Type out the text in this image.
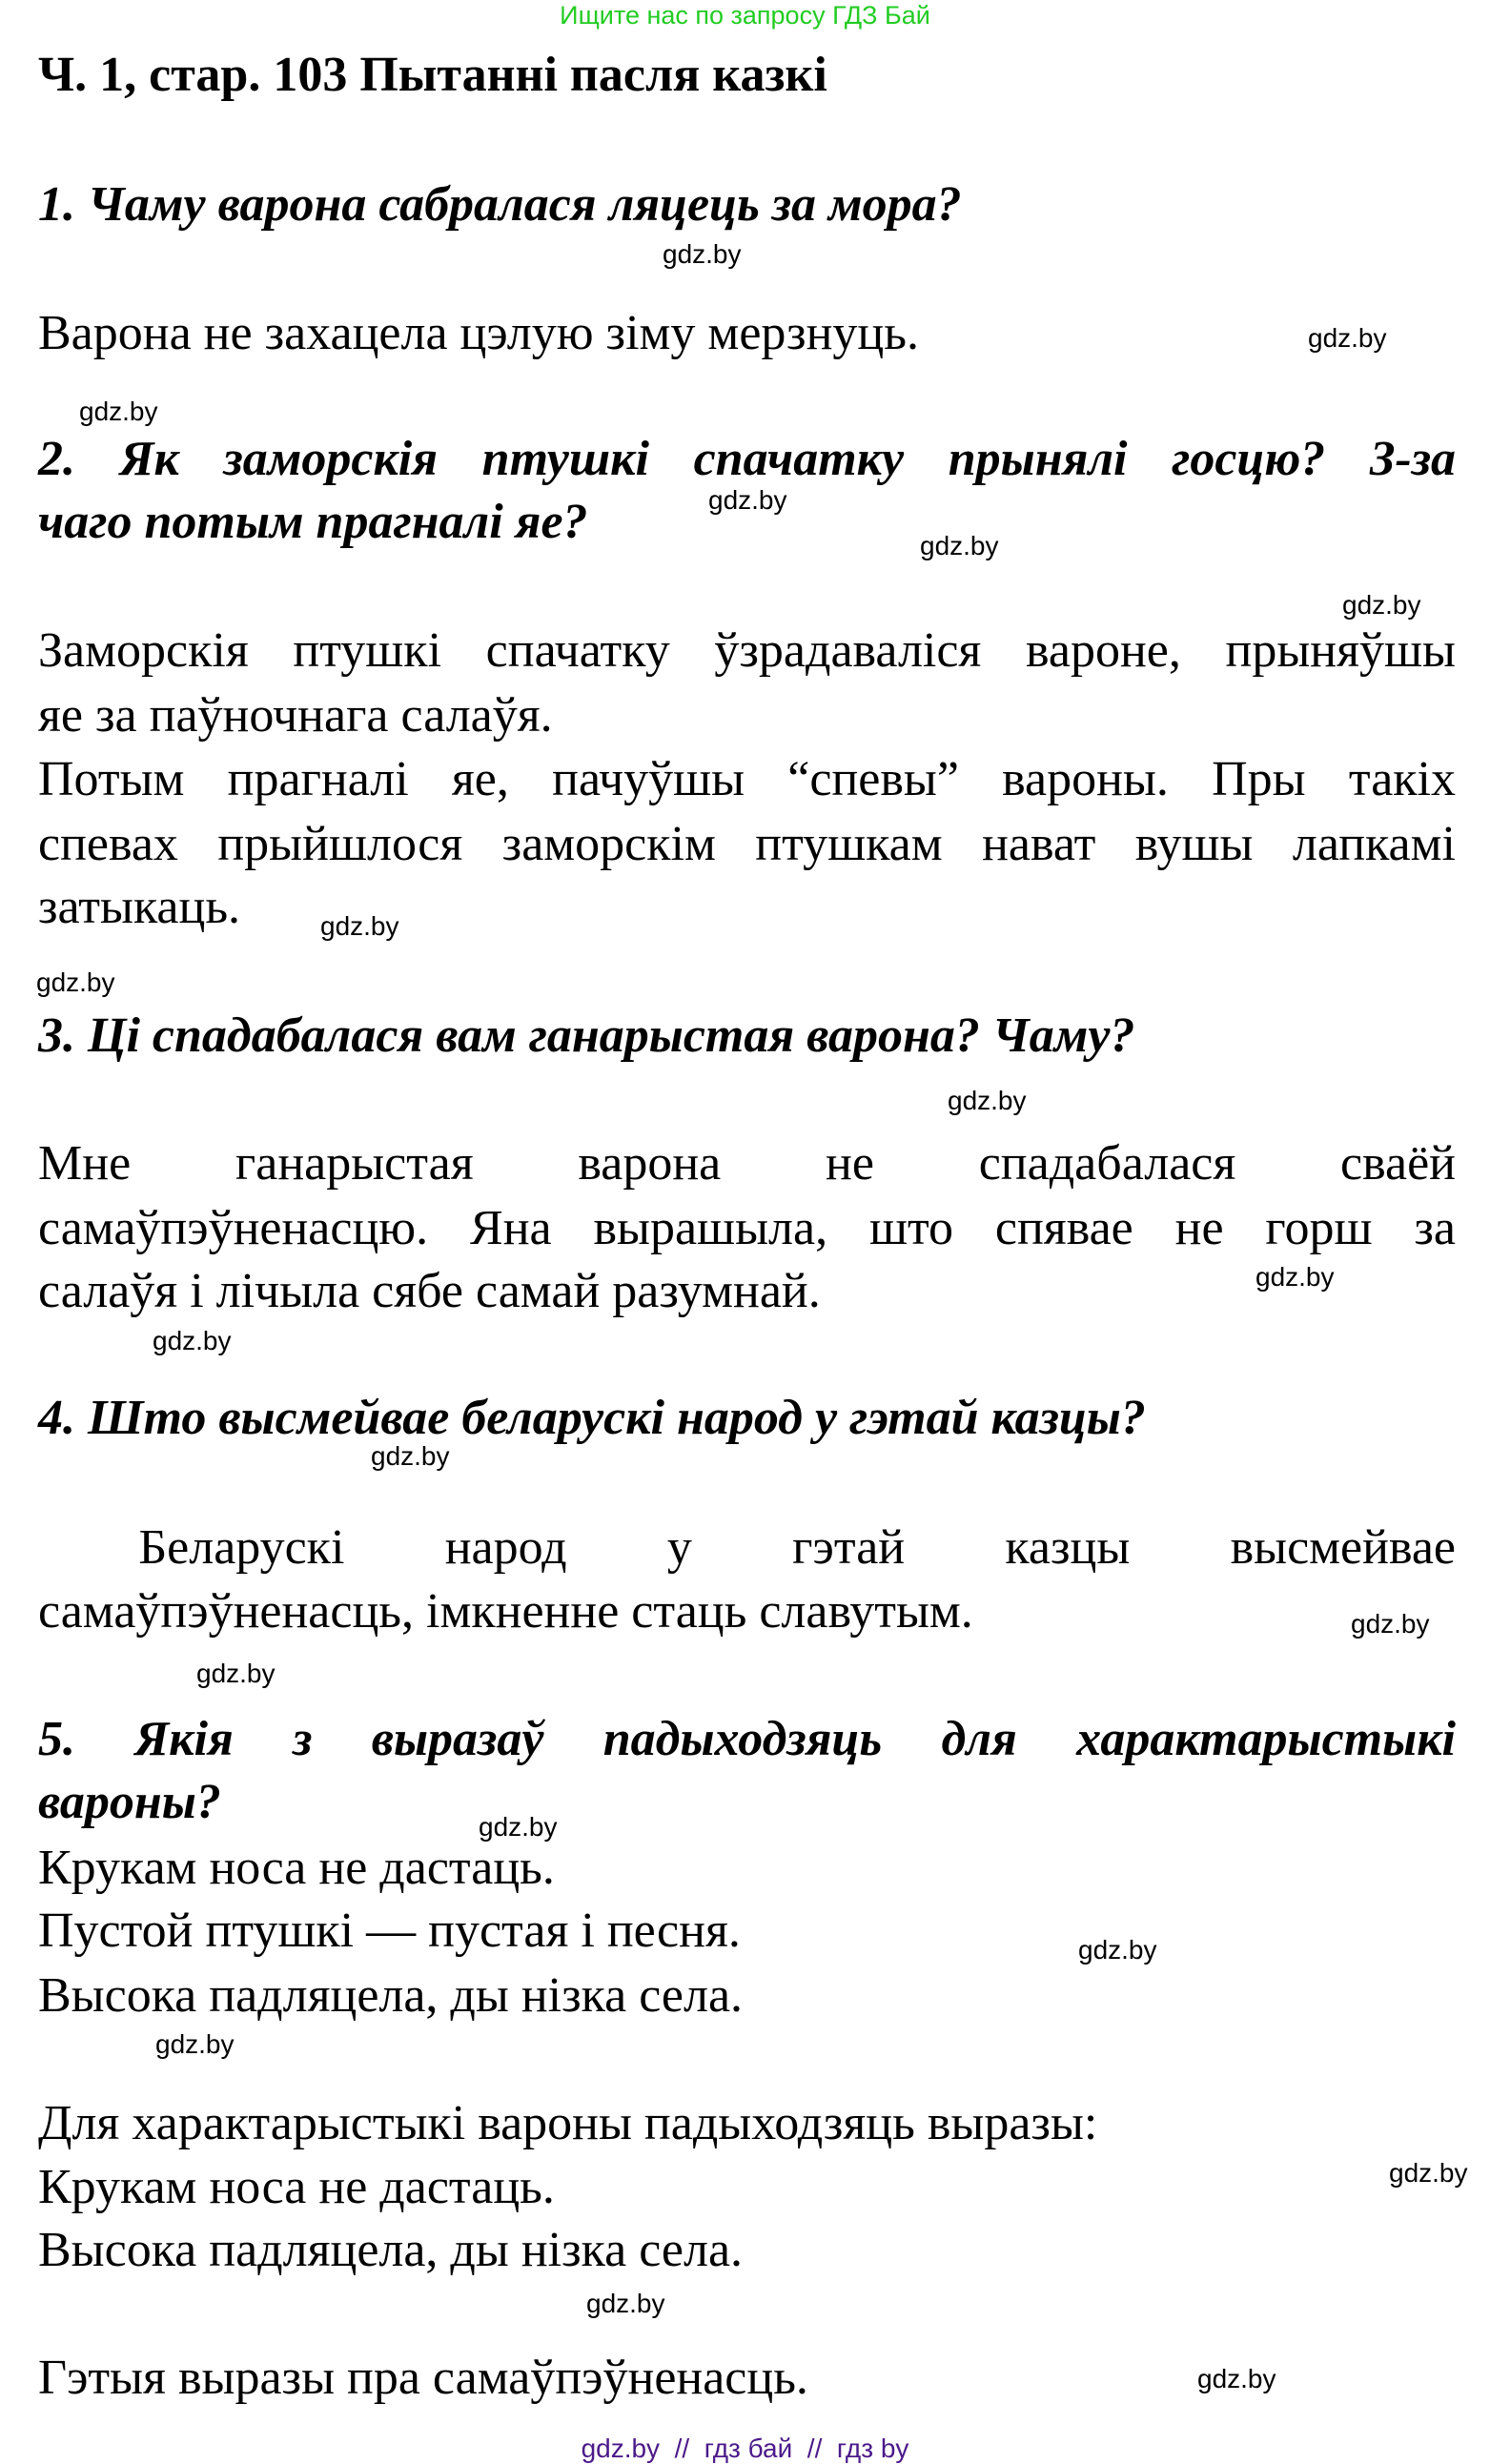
Ищите нас по запросу ГДЗ Бай
Ч. 1, стар. 103 Пытанні пасля казкі
1. Чаму варона сабралася ляцець за мора?
gdz.by
Варона не захацела цэлую зіму мерзнуць.	gdz.by
gdz.by
2. Як заморскія птушкі спачатку прынялі госцю? З-за
gdz.by
чаго потым прагналі яе?	gdz.by
gdz.by
Заморскія птушкі спачатку ўзрадаваліся вароне, прыняўшы
яе за паўночнага салаўя.
Потым прагналі яе, пачуўшы “спевы” вароны. Пры такіх
спевах прыйшлося заморскім птушкам нават вушы лапкамі
затыкаць.	gdz.by
gdz.by
3. Ці спадабалася вам ганарыстая варона? Чаму?
gdz.by
Мне ганарыстая варона не спадабалася сваёй
самаўпэўненасцю. Яна вырашыла, што спявае не горш за
салаўя і лічыла сябе самай разумнай.	gdz.by
gdz.by
4. Што высмейвае беларускі народ у гэтай казцы?
gdz.by
Беларускі народ у гэтай казцы высмейвае
самаўпэўненасць, імкненне стаць славутым.	gdz.by
gdz.by
5. Якія з выразаў падыходзяць для характарыстыкі
вароны?	gdz.by
Крукам носа не дастаць.
Пустой птушкі — пустая і песня.	gdz.by
Высока падляцела, ды нізка села.
gdz.by
Для характарыстыкі вароны падыходзяць выразы:
gdz.by
Крукам носа не дастаць.
Высока падляцела, ды нізка села.
gdz.by
Гэтыя выразы пра самаўпэўненасць.	gdz.by
gdz.by  //  гдз бай  //  гдз by
